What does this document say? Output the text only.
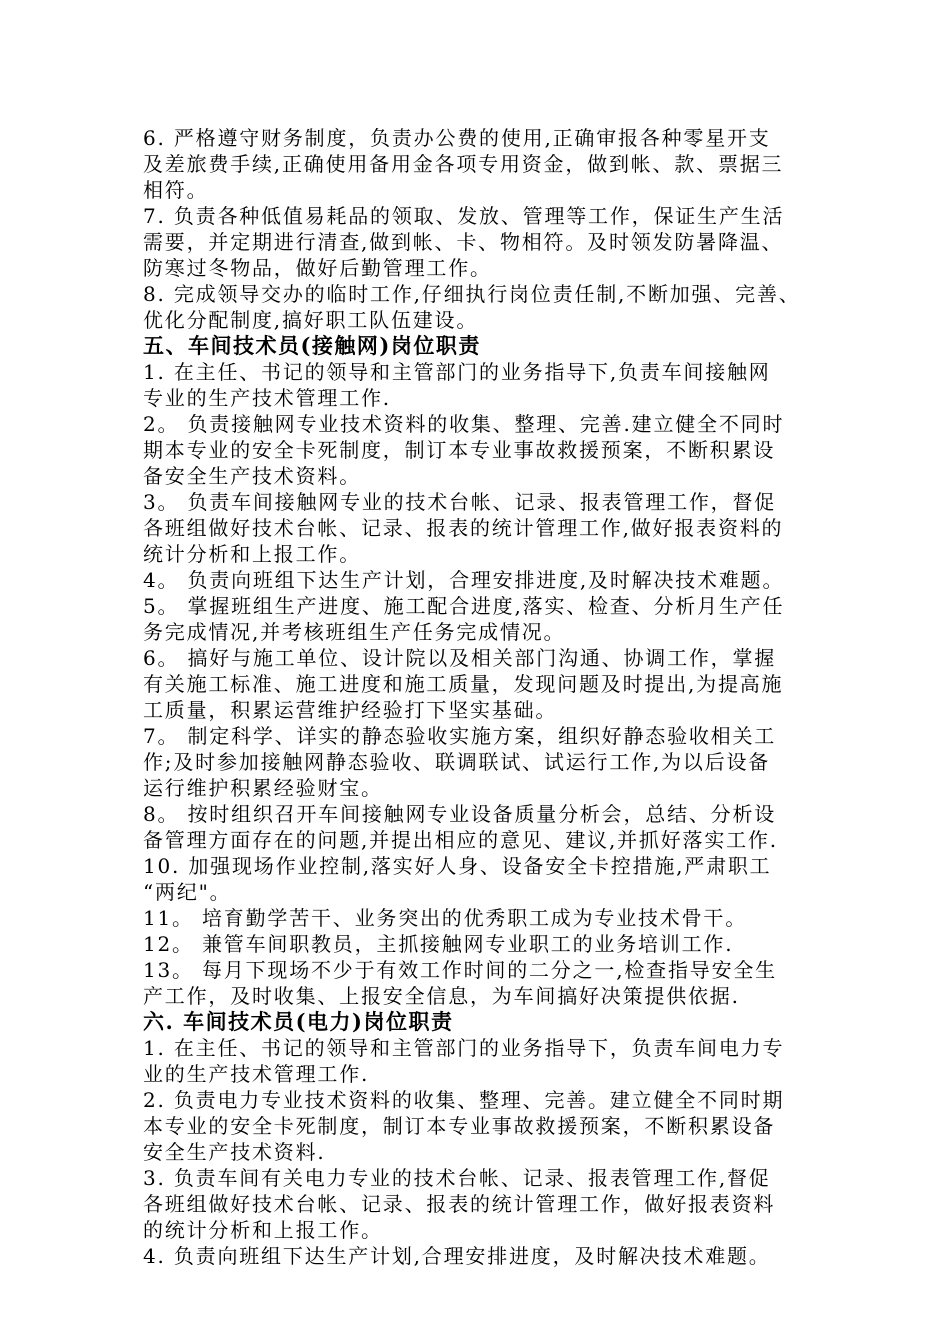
6. 严格遵守财务制度，负责办公费的使用,正确审报各种零星开支
及差旅费手续,正确使用备用金各项专用资金，做到帐、款、票据三
相符。
7. 负责各种低值易耗品的领取、发放、管理等工作，保证生产生活
需要，并定期进行清查,做到帐、卡、物相符。及时领发防暑降温、
防寒过冬物品，做好后勤管理工作。
8. 完成领导交办的临时工作,仔细执行岗位责任制,不断加强、完善、
优化分配制度,搞好职工队伍建设。
五、车间技术员(接触网)岗位职责
1. 在主任、书记的领导和主管部门的业务指导下,负责车间接触网
专业的生产技术管理工作.
2。 负责接触网专业技术资料的收集、整理、完善.建立健全不同时
期本专业的安全卡死制度，制订本专业事故救援预案，不断积累设
备安全生产技术资料。
3。 负责车间接触网专业的技术台帐、记录、报表管理工作，督促
各班组做好技术台帐、记录、报表的统计管理工作,做好报表资料的
统计分析和上报工作。
4。 负责向班组下达生产计划，合理安排进度,及时解决技术难题。
5。 掌握班组生产进度、施工配合进度,落实、检查、分析月生产任
务完成情况,并考核班组生产任务完成情况。
6。 搞好与施工单位、设计院以及相关部门沟通、协调工作，掌握
有关施工标准、施工进度和施工质量，发现问题及时提出,为提高施
工质量，积累运营维护经验打下坚实基础。
7。 制定科学、详实的静态验收实施方案，组织好静态验收相关工
作;及时参加接触网静态验收、联调联试、试运行工作,为以后设备
运行维护积累经验财宝。
8。 按时组织召开车间接触网专业设备质量分析会，总结、分析设
备管理方面存在的问题,并提出相应的意见、建议,并抓好落实工作.
10. 加强现场作业控制,落实好人身、设备安全卡控措施,严肃职工
“两纪"。
11。 培育勤学苦干、业务突出的优秀职工成为专业技术骨干。
12。 兼管车间职教员，主抓接触网专业职工的业务培训工作.
13。 每月下现场不少于有效工作时间的二分之一,检查指导安全生
产工作，及时收集、上报安全信息，为车间搞好决策提供依据.
六. 车间技术员(电力)岗位职责
1. 在主任、书记的领导和主管部门的业务指导下，负责车间电力专
业的生产技术管理工作.
2. 负责电力专业技术资料的收集、整理、完善。建立健全不同时期
本专业的安全卡死制度，制订本专业事故救援预案，不断积累设备
安全生产技术资料.
3. 负责车间有关电力专业的技术台帐、记录、报表管理工作,督促
各班组做好技术台帐、记录、报表的统计管理工作，做好报表资料
的统计分析和上报工作。
4. 负责向班组下达生产计划,合理安排进度，及时解决技术难题。
